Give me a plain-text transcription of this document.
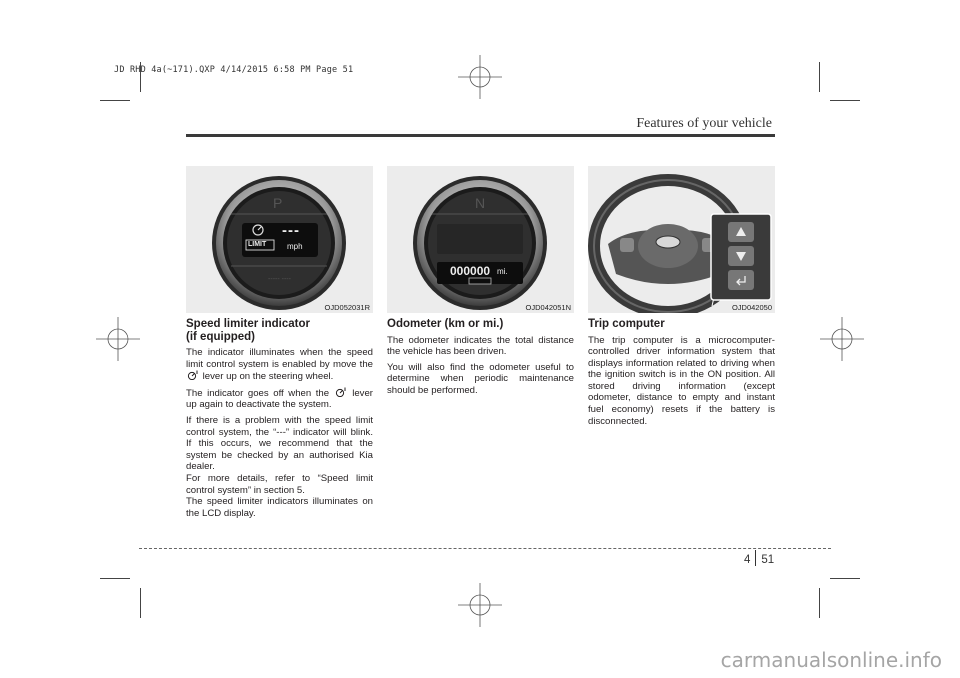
JD RHD 4a(~171).QXP 4/14/2015 6:58 PM Page 51
Features of your vehicle
----- ----
P
---
LIMIT	mph
OJD052031R
N
000000 mi.
OJD042051N	OJD042050
Speed limiter indicator
(if equipped)

The indicator illuminates when the speed limit control system is enabled by move the  lever up on the steering wheel.

The indicator goes off when the lever up again to deactivate the system.

If there is a problem with the speed limit control system, the “---” indicator will blink. If this occurs, we recommend that the system be checked by an authorised Kia dealer.

For more details, refer to “Speed limit control system” in section 5.

The speed limiter indicators illuminates on the LCD display.

Odometer (km or mi.)

The odometer indicates the total distance the vehicle has been driven.

You will also find the odometer useful to determine when periodic maintenance should be performed.

Trip computer

The trip computer is a microcomputer-controlled driver information system that displays information related to driving when the ignition switch is in the ON position. All stored driving information (except odometer, distance to empty and instant fuel economy) resets if the battery is disconnected.

4 51
carmanualsonline.info
